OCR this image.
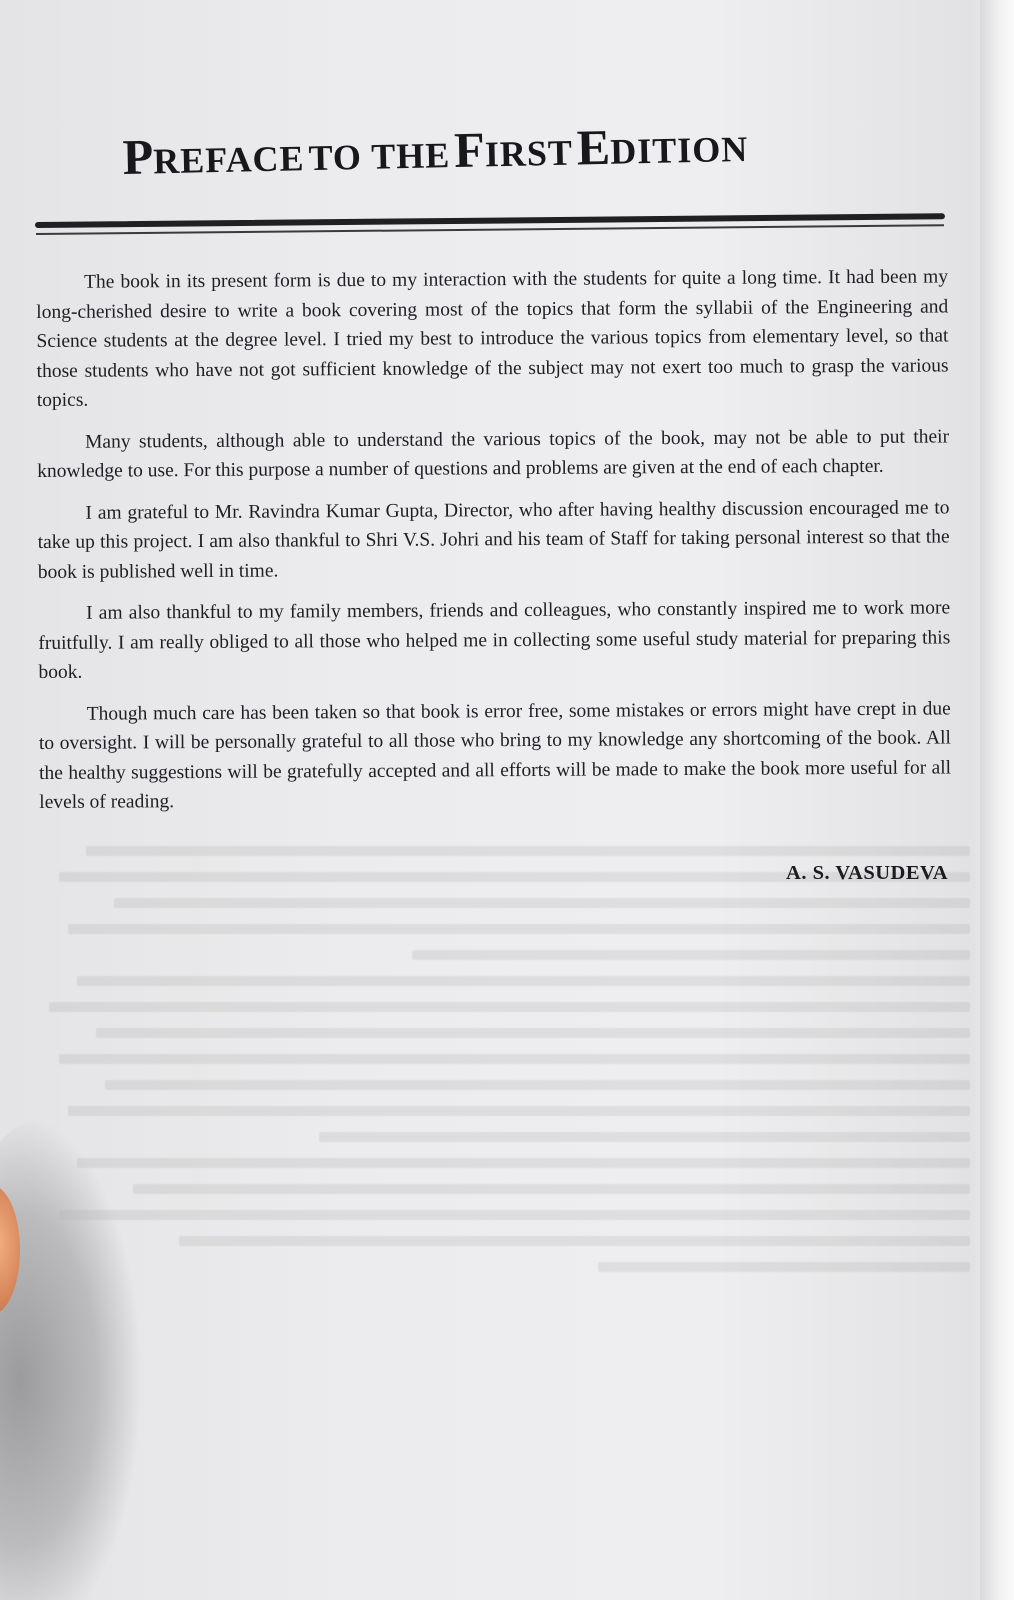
PREFACE TO THE FIRST EDITION

The book in its present form is due to my interaction with the students for quite a long time. It had been my long-cherished desire to write a book covering most of the topics that form the syllabii of the Engineering and Science students at the degree level. I tried my best to introduce the various topics from elementary level, so that those students who have not got sufficient knowledge of the subject may not exert too much to grasp the various topics.

Many students, although able to understand the various topics of the book, may not be able to put their knowledge to use. For this purpose a number of questions and problems are given at the end of each chapter.

I am grateful to Mr. Ravindra Kumar Gupta, Director, who after having healthy discussion encouraged me to take up this project. I am also thankful to Shri V.S. Johri and his team of Staff for taking personal interest so that the book is published well in time.

I am also thankful to my family members, friends and colleagues, who constantly inspired me to work more fruitfully. I am really obliged to all those who helped me in collecting some useful study material for preparing this book.

Though much care has been taken so that book is error free, some mistakes or errors might have crept in due to oversight. I will be personally grateful to all those who bring to my knowledge any shortcoming of the book. All the healthy suggestions will be gratefully accepted and all efforts will be made to make the book more useful for all levels of reading.

A. S. VASUDEVA
